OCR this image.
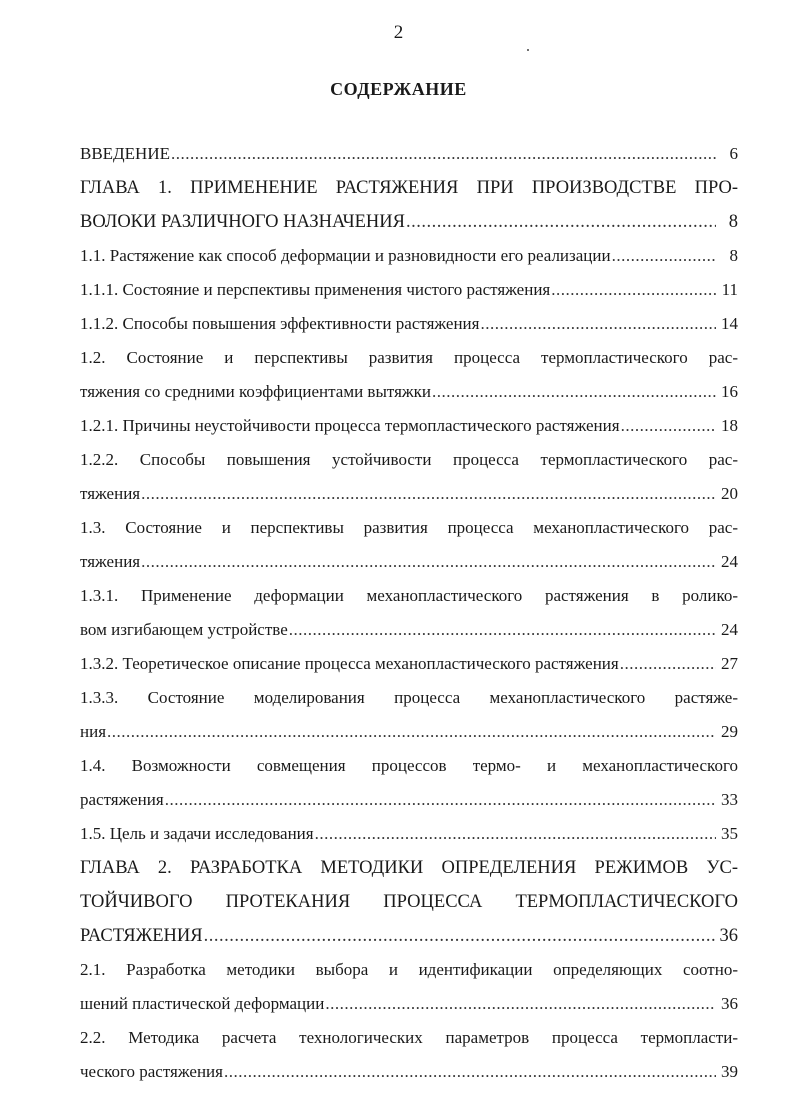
2
СОДЕРЖАНИЕ
ВВЕДЕНИЕ .....	6
ГЛАВА 1. ПРИМЕНЕНИЕ РАСТЯЖЕНИЯ ПРИ ПРОИЗВОДСТВЕ ПРО-
ВОЛОКИ РАЗЛИЧНОГО НАЗНАЧЕНИЯ .....	8
1.1. Растяжение как способ деформации и разновидности его реализации .....	8
1.1.1. Состояние и перспективы применения чистого растяжения .....	11
1.1.2. Способы повышения эффективности растяжения .....	14
1.2. Состояние и перспективы развития процесса термопластического рас-
тяжения со средними коэффициентами вытяжки .....	16
1.2.1. Причины неустойчивости процесса термопластического растяжения .....	18
1.2.2. Способы повышения устойчивости процесса термопластического рас-
тяжения .....	20
1.3. Состояние и перспективы развития процесса механопластического рас-
тяжения .....	24
1.3.1. Применение деформации механопластического растяжения в ролико-
вом изгибающем устройстве .....	24
1.3.2. Теоретическое описание процесса механопластического растяжения .....	27
1.3.3. Состояние моделирования процесса механопластического растяже-
ния .....	29
1.4. Возможности совмещения процессов термо- и механопластического
растяжения .....	33
1.5. Цель и задачи исследования .....	35
ГЛАВА 2. РАЗРАБОТКА МЕТОДИКИ ОПРЕДЕЛЕНИЯ РЕЖИМОВ УС-
ТОЙЧИВОГО ПРОТЕКАНИЯ ПРОЦЕССА ТЕРМОПЛАСТИЧЕСКОГО
РАСТЯЖЕНИЯ .....	36
2.1. Разработка методики выбора и идентификации определяющих соотно-
шений пластической деформации .....	36
2.2. Методика расчета технологических параметров процесса термопласти-
ческого растяжения .....	39
